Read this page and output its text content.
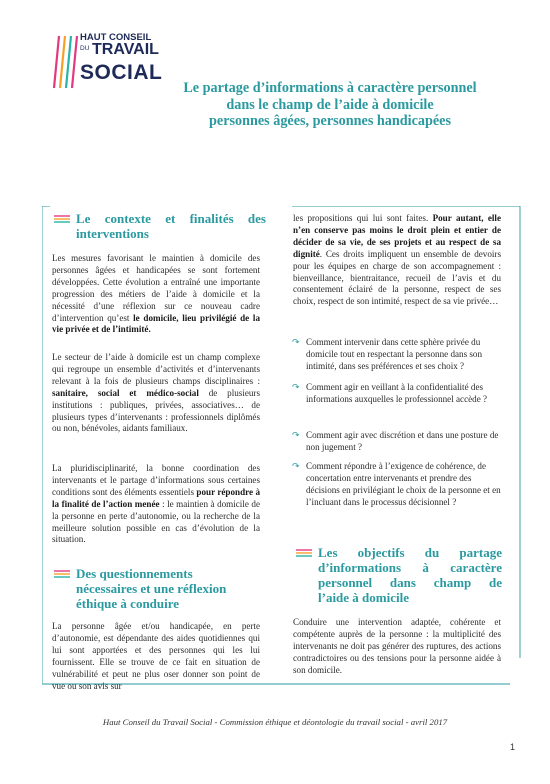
HAUT CONSEIL
DU TRAVAIL
SOCIAL
Le partage d’informations à caractère personnel
dans le champ de l’aide à domicile
personnes âgées, personnes handicapées
Le contexte et finalités des
interventions

Les mesures favorisant le maintien à domicile des personnes âgées et handicapées se sont fortement développées. Cette évolution a entraîné une importante progression des métiers de l’aide à domicile et la nécessité d’une réflexion sur ce nouveau cadre d’intervention qu’est le domicile, lieu privilégié de la vie privée et de l’intimité.

Le secteur de l’aide à domicile est un champ complexe qui regroupe un ensemble d’activités et d’intervenants relevant à la fois de plusieurs champs disciplinaires : sanitaire, social et médico-social de plusieurs institutions : publiques, privées, associatives… de plusieurs types d’intervenants : professionnels diplômés ou non, bénévoles, aidants familiaux.

La pluridisciplinarité, la bonne coordination des intervenants et le partage d’informations sous certaines conditions sont des éléments essentiels pour répondre à la finalité de l’action menée : le maintien à domicile de la personne en perte d’autonomie, ou la recherche de la meilleure solution possible en cas d’évolution de la situation.

Des questionnements
nécessaires et une réflexion
éthique à conduire

La personne âgée et/ou handicapée, en perte d’autonomie, est dépendante des aides quotidiennes qui lui sont apportées et des personnes qui les lui fournissent. Elle se trouve de ce fait en situation de vulnérabilité et peut ne plus oser donner son point de vue ou son avis sur

les propositions qui lui sont faites. Pour autant, elle n’en conserve pas moins le droit plein et entier de décider de sa vie, de ses projets et au respect de sa dignité. Ces droits impliquent un ensemble de devoirs pour les équipes en charge de son accompagnement : bienveillance, bientraitance, recueil de l’avis et du consentement éclairé de la personne, respect de ses choix, respect de son intimité, respect de sa vie privée…

↷ Comment intervenir dans cette sphère privée du domicile tout en respectant la personne dans son intimité, dans ses préférences et ses choix ?
↷ Comment agir en veillant à la confidentialité des informations auxquelles le professionnel accède ?
↷ Comment agir avec discrétion et dans une posture de non jugement ?
↷ Comment répondre à l’exigence de cohérence, de concertation entre intervenants et prendre des décisions en privilégiant le choix de la personne et en l’incluant dans le processus décisionnel ?
Les objectifs du partage
d’informations à caractère
personnel dans champ de
l’aide à domicile

Conduire une intervention adaptée, cohérente et compétente auprès de la personne : la multiplicité des intervenants ne doit pas générer des ruptures, des actions contradictoires ou des tensions pour la personne aidée à son domicile.

Haut Conseil du Travail Social - Commission éthique et déontologie du travail social - avril 2017
1
